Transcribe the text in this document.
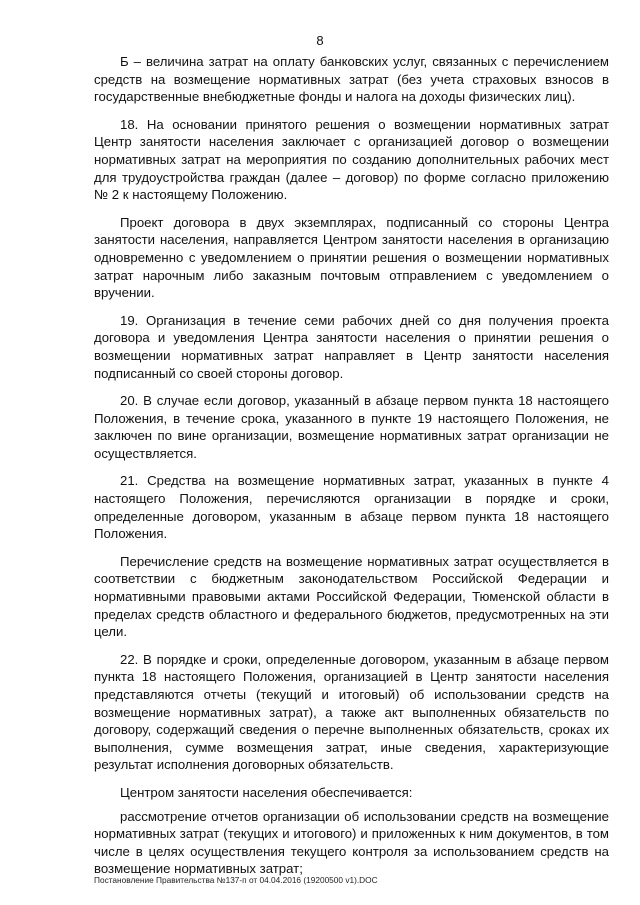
8

Б – величина затрат на оплату банковских услуг, связанных с перечислением средств на возмещение нормативных затрат (без учета страховых взносов в государственные внебюджетные фонды и налога на доходы физических лиц).

18. На основании принятого решения о возмещении нормативных затрат Центр занятости населения заключает с организацией договор о возмещении нормативных затрат на мероприятия по созданию дополнительных рабочих мест для трудоустройства граждан (далее – договор) по форме согласно приложению № 2 к настоящему Положению.

Проект договора в двух экземплярах, подписанный со стороны Центра занятости населения, направляется Центром занятости населения в организацию одновременно с уведомлением о принятии решения о возмещении нормативных затрат нарочным либо заказным почтовым отправлением с уведомлением о вручении.

19. Организация в течение семи рабочих дней со дня получения проекта договора и уведомления Центра занятости населения о принятии решения о возмещении нормативных затрат направляет в Центр занятости населения подписанный со своей стороны договор.

20. В случае если договор, указанный в абзаце первом пункта 18 настоящего Положения, в течение срока, указанного в пункте 19 настоящего Положения, не заключен по вине организации, возмещение нормативных затрат организации не осуществляется.

21. Средства на возмещение нормативных затрат, указанных в пункте 4 настоящего Положения, перечисляются организации в порядке и сроки, определенные договором, указанным в абзаце первом пункта 18 настоящего Положения.

Перечисление средств на возмещение нормативных затрат осуществляется в соответствии с бюджетным законодательством Российской Федерации и нормативными правовыми актами Российской Федерации, Тюменской области в пределах средств областного и федерального бюджетов, предусмотренных на эти цели.

22. В порядке и сроки, определенные договором, указанным в абзаце первом пункта 18 настоящего Положения, организацией в Центр занятости населения представляются отчеты (текущий и итоговый) об использовании средств на возмещение нормативных затрат), а также акт выполненных обязательств по договору, содержащий сведения о перечне выполненных обязательств, сроках их выполнения, сумме возмещения затрат, иные сведения, характеризующие результат исполнения договорных обязательств.

Центром занятости населения обеспечивается:

рассмотрение отчетов организации об использовании средств на возмещение нормативных затрат (текущих и итогового) и приложенных к ним документов, в том числе в целях осуществления текущего контроля за использованием средств на возмещение нормативных затрат;

Постановление Правительства №137-п от 04.04.2016 (19200500 v1).DOC
